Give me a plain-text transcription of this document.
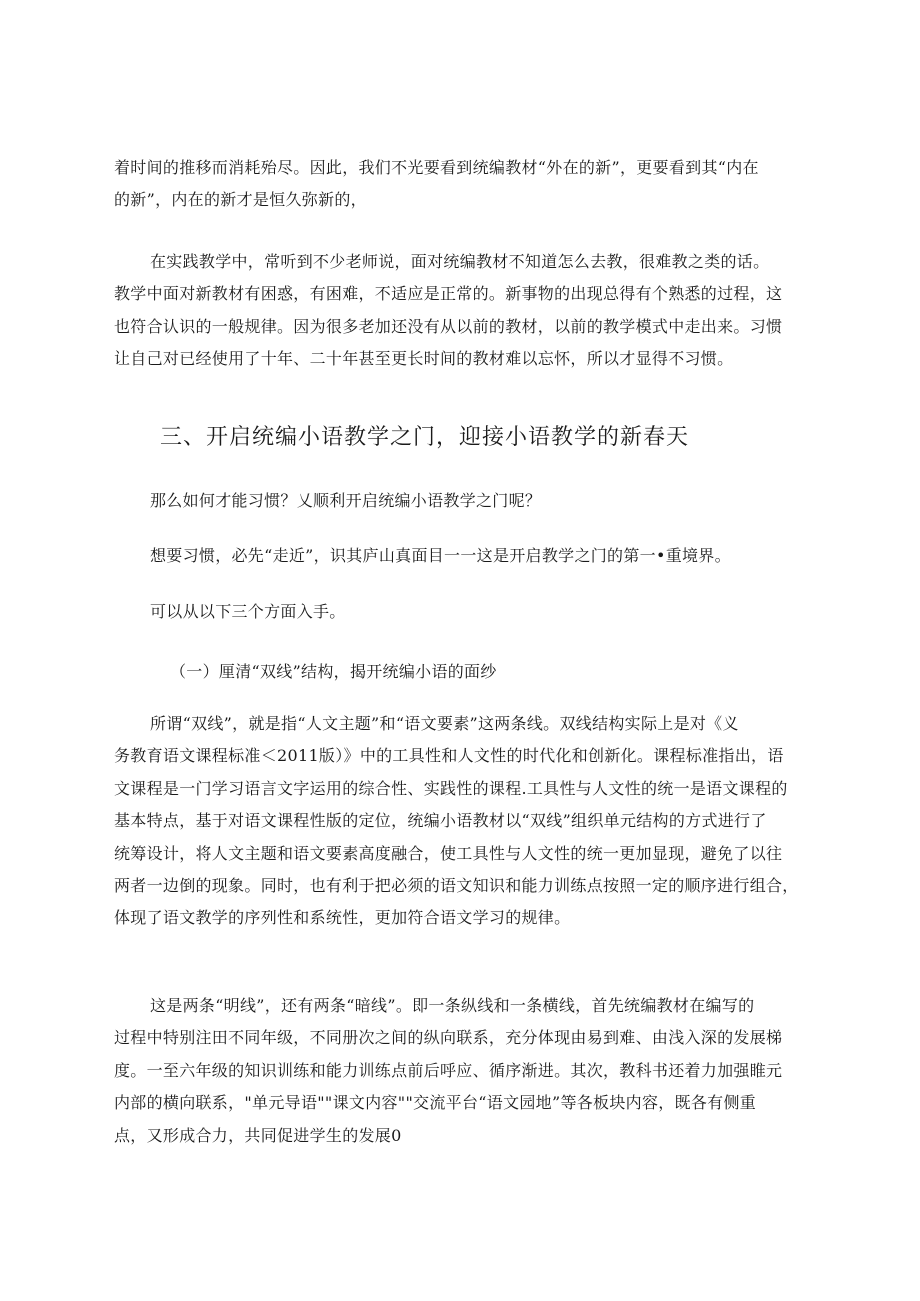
着时间的推移而消耗殆尽。因此，我们不光要看到统编教材“外在的新”，更要看到其“内在
的新”，内在的新才是恒久弥新的，

在实践教学中，常听到不少老师说，面对统编教材不知道怎么去教，很难教之类的话。
教学中面对新教材有困惑，有困难，不适应是正常的。新事物的出现总得有个熟悉的过程，这
也符合认识的一般规律。因为很多老加还没有从以前的教材，以前的教学模式中走出来。习惯
让自己对已经使用了十年、二十年甚至更长时间的教材难以忘怀，所以才显得不习惯。

三、开启统编小语教学之门，迎接小语教学的新春天

那么如何才能习惯？乂顺利开启统编小语教学之门呢？

想要习惯，必先“走近”，识其庐山真面目一一这是开启教学之门的第一•重境界。

可以从以下三个方面入手。

（一）厘清“双线”结构，揭开统编小语的面纱

所谓“双线”，就是指“人文主题”和“语文要素”这两条线。双线结构实际上是对《义
务教育语文课程标准＜2011版）》中的工具性和人文性的时代化和创新化。课程标准指出，语
文课程是一门学习语言文字运用的综合性、实践性的课程.工具性与人文性的统一是语文课程的
基本特点，基于对语文课程性版的定位，统编小语教材以“双线”组织单元结构的方式进行了
统筹设计，将人文主题和语文要素高度融合，使工具性与人文性的统一更加显现，避免了以往
两者一边倒的现象。同时，也有利于把必须的语文知识和能力训练点按照一定的顺序进行组合，
体现了语文教学的序列性和系统性，更加符合语文学习的规律。

这是两条“明线”，还有两条“暗线”。即一条纵线和一条横线，首先统编教材在编写的
过程中特别注田不同年级，不同册次之间的纵向联系，充分体现由易到难、由浅入深的发展梯
度。一至六年级的知识训练和能力训练点前后呼应、循序渐进。其次，教科书还着力加强睢元
内部的横向联系，"单元导语""课文内容""交流平台“语文园地”等各板块内容，既各有侧重
点，又形成合力，共同促进学生的发展0
